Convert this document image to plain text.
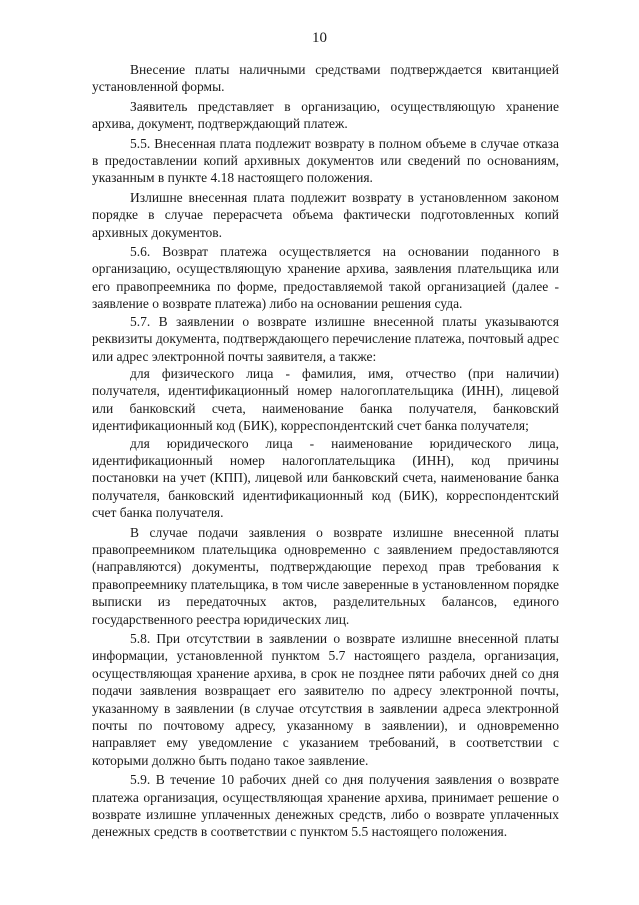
10

Внесение платы наличными средствами подтверждается квитанцией установленной формы.

Заявитель представляет в организацию, осуществляющую хранение архива, документ, подтверждающий платеж.

5.5. Внесенная плата подлежит возврату в полном объеме в случае отказа в предоставлении копий архивных документов или сведений по основаниям, указанным в пункте 4.18 настоящего положения.

Излишне внесенная плата подлежит возврату в установленном законом порядке в случае перерасчета объема фактически подготовленных копий архивных документов.

5.6. Возврат платежа осуществляется на основании поданного в организацию, осуществляющую хранение архива, заявления плательщика или его правопреемника по форме, предоставляемой такой организацией (далее - заявление о возврате платежа) либо на основании решения суда.

5.7. В заявлении о возврате излишне внесенной платы указываются реквизиты документа, подтверждающего перечисление платежа, почтовый адрес или адрес электронной почты заявителя, а также:

для физического лица - фамилия, имя, отчество (при наличии) получателя, идентификационный номер налогоплательщика (ИНН), лицевой или банковский счета, наименование банка получателя, банковский идентификационный код (БИК), корреспондентский счет банка получателя;

для юридического лица - наименование юридического лица, идентификационный номер налогоплательщика (ИНН), код причины постановки на учет (КПП), лицевой или банковский счета, наименование банка получателя, банковский идентификационный код (БИК), корреспондентский счет банка получателя.

В случае подачи заявления о возврате излишне внесенной платы правопреемником плательщика одновременно с заявлением предоставляются (направляются) документы, подтверждающие переход прав требования к правопреемнику плательщика, в том числе заверенные в установленном порядке выписки из передаточных актов, разделительных балансов, единого государственного реестра юридических лиц.

5.8. При отсутствии в заявлении о возврате излишне внесенной платы информации, установленной пунктом 5.7 настоящего раздела, организация, осуществляющая хранение архива, в срок не позднее пяти рабочих дней со дня подачи заявления возвращает его заявителю по адресу электронной почты, указанному в заявлении (в случае отсутствия в заявлении адреса электронной почты по почтовому адресу, указанному в заявлении), и одновременно направляет ему уведомление с указанием требований, в соответствии с которыми должно быть подано такое заявление.

5.9. В течение 10 рабочих дней со дня получения заявления о возврате платежа организация, осуществляющая хранение архива, принимает решение о возврате излишне уплаченных денежных средств, либо о возврате уплаченных денежных средств в соответствии с пунктом 5.5 настоящего положения.
